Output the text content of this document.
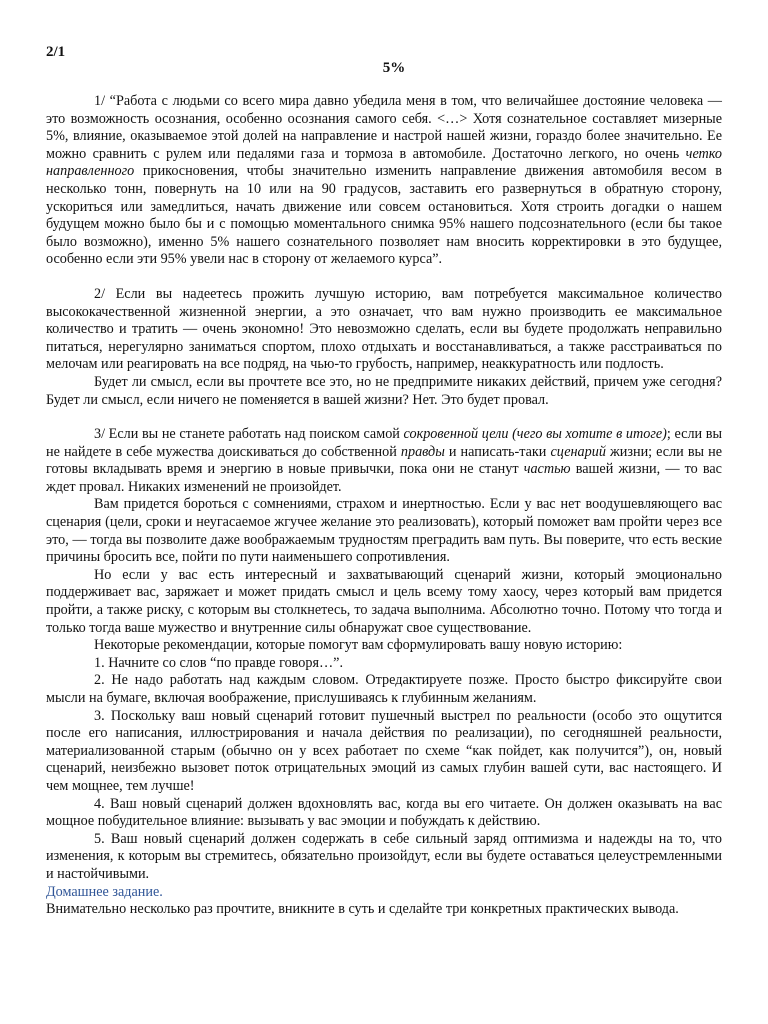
2/1
5%

1/ “Работа с людьми со всего мира давно убедила меня в том, что величайшее достояние человека — это возможность осознания, особенно осознания самого себя. <…> Хотя сознательное составляет мизерные 5%, влияние, оказываемое этой долей на направление и настрой нашей жизни, гораздо более значительно. Ее можно сравнить с рулем или педалями газа и тормоза в автомобиле. Достаточно легкого, но очень четко направленного прикосновения, чтобы значительно изменить направление движения автомобиля весом в несколько тонн, повернуть на 10 или на 90 градусов, заставить его развернуться в обратную сторону, ускориться или замедлиться, начать движение или совсем остановиться. Хотя строить догадки о нашем будущем можно было бы и с помощью моментального снимка 95% нашего подсознательного (если бы такое было возможно), именно 5% нашего сознательного позволяет нам вносить корректировки в это будущее, особенно если эти 95% увели нас в сторону от желаемого курса”.

2/ Если вы надеетесь прожить лучшую историю, вам потребуется максимальное количество высококачественной жизненной энергии, а это означает, что вам нужно производить ее максимальное количество и тратить — очень экономно! Это невозможно сделать, если вы будете продолжать неправильно питаться, нерегулярно заниматься спортом, плохо отдыхать и восстанавливаться, а также расстраиваться по мелочам или реагировать на все подряд, на чью-то грубость, например, неаккуратность или подлость.

Будет ли смысл, если вы прочтете все это, но не предпримите никаких действий, причем уже сегодня? Будет ли смысл, если ничего не поменяется в вашей жизни? Нет. Это будет провал.

3/ Если вы не станете работать над поиском самой сокровенной цели (чего вы хотите в итоге); если вы не найдете в себе мужества доискиваться до собственной правды и написать-таки сценарий жизни; если вы не готовы вкладывать время и энергию в новые привычки, пока они не станут частью вашей жизни, — то вас ждет провал. Никаких изменений не произойдет.

Вам придется бороться с сомнениями, страхом и инертностью. Если у вас нет воодушевляющего вас сценария (цели, сроки и неугасаемое жгучее желание это реализовать), который поможет вам пройти через все это, — тогда вы позволите даже воображаемым трудностям преградить вам путь. Вы поверите, что есть веские причины бросить все, пойти по пути наименьшего сопротивления.

Но если у вас есть интересный и захватывающий сценарий жизни, который эмоционально поддерживает вас, заряжает и может придать смысл и цель всему тому хаосу, через который вам придется пройти, а также риску, с которым вы столкнетесь, то задача выполнима. Абсолютно точно. Потому что тогда и только тогда ваше мужество и внутренние силы обнаружат свое существование.

Некоторые рекомендации, которые помогут вам сформулировать вашу новую историю:

1. Начните со слов “по правде говоря…”.

2. Не надо работать над каждым словом. Отредактируете позже. Просто быстро фиксируйте свои мысли на бумаге, включая воображение, прислушиваясь к глубинным желаниям.

3. Поскольку ваш новый сценарий готовит пушечный выстрел по реальности (особо это ощутится после его написания, иллюстрирования и начала действия по реализации), по сегодняшней реальности, материализованной старым (обычно он у всех работает по схеме “как пойдет, как получится”), он, новый сценарий, неизбежно вызовет поток отрицательных эмоций из самых глубин вашей сути, вас настоящего. И чем мощнее, тем лучше!

4. Ваш новый сценарий должен вдохновлять вас, когда вы его читаете. Он должен оказывать на вас мощное побудительное влияние: вызывать у вас эмоции и побуждать к действию.

5. Ваш новый сценарий должен содержать в себе сильный заряд оптимизма и надежды на то, что изменения, к которым вы стремитесь, обязательно произойдут, если вы будете оставаться целеустремленными и настойчивыми.

Домашнее задание.

Внимательно несколько раз прочтите, вникните в суть и сделайте три конкретных практических вывода.
